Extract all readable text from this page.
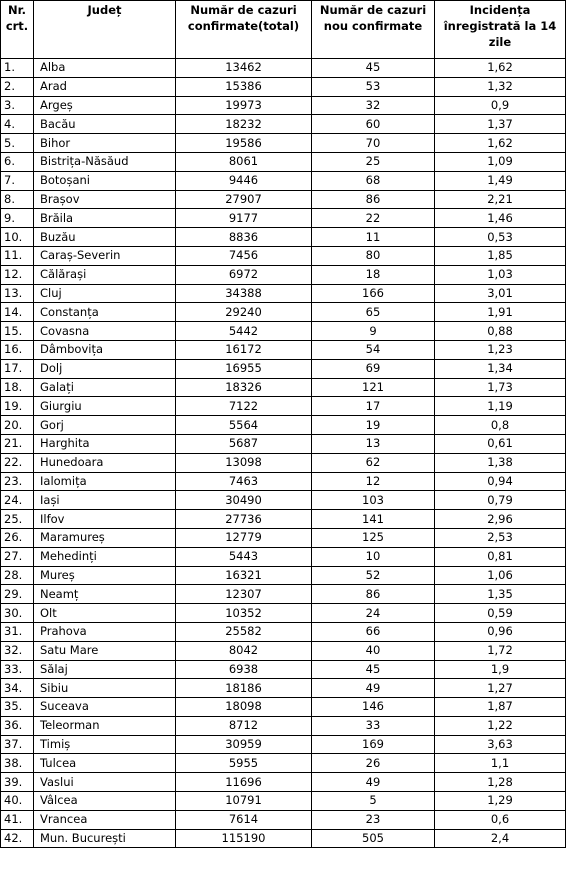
Nr. crt.	Județ	Număr de cazuri confirmate(total)	Număr de cazuri nou confirmate	Incidența înregistrată la 14 zile
1.	Alba	13462	45	1,62
2.	Arad	15386	53	1,32
3.	Argeș	19973	32	0,9
4.	Bacău	18232	60	1,37
5.	Bihor	19586	70	1,62
6.	Bistrița-Năsăud	8061	25	1,09
7.	Botoșani	9446	68	1,49
8.	Brașov	27907	86	2,21
9.	Brăila	9177	22	1,46
10.	Buzău	8836	11	0,53
11.	Caraș-Severin	7456	80	1,85
12.	Călărași	6972	18	1,03
13.	Cluj	34388	166	3,01
14.	Constanța	29240	65	1,91
15.	Covasna	5442	9	0,88
16.	Dâmbovița	16172	54	1,23
17.	Dolj	16955	69	1,34
18.	Galați	18326	121	1,73
19.	Giurgiu	7122	17	1,19
20.	Gorj	5564	19	0,8
21.	Harghita	5687	13	0,61
22.	Hunedoara	13098	62	1,38
23.	Ialomița	7463	12	0,94
24.	Iași	30490	103	0,79
25.	Ilfov	27736	141	2,96
26.	Maramureș	12779	125	2,53
27.	Mehedinți	5443	10	0,81
28.	Mureș	16321	52	1,06
29.	Neamț	12307	86	1,35
30.	Olt	10352	24	0,59
31.	Prahova	25582	66	0,96
32.	Satu Mare	8042	40	1,72
33.	Sălaj	6938	45	1,9
34.	Sibiu	18186	49	1,27
35.	Suceava	18098	146	1,87
36.	Teleorman	8712	33	1,22
37.	Timiș	30959	169	3,63
38.	Tulcea	5955	26	1,1
39.	Vaslui	11696	49	1,28
40.	Vâlcea	10791	5	1,29
41.	Vrancea	7614	23	0,6
42.	Mun. București	115190	505	2,4
